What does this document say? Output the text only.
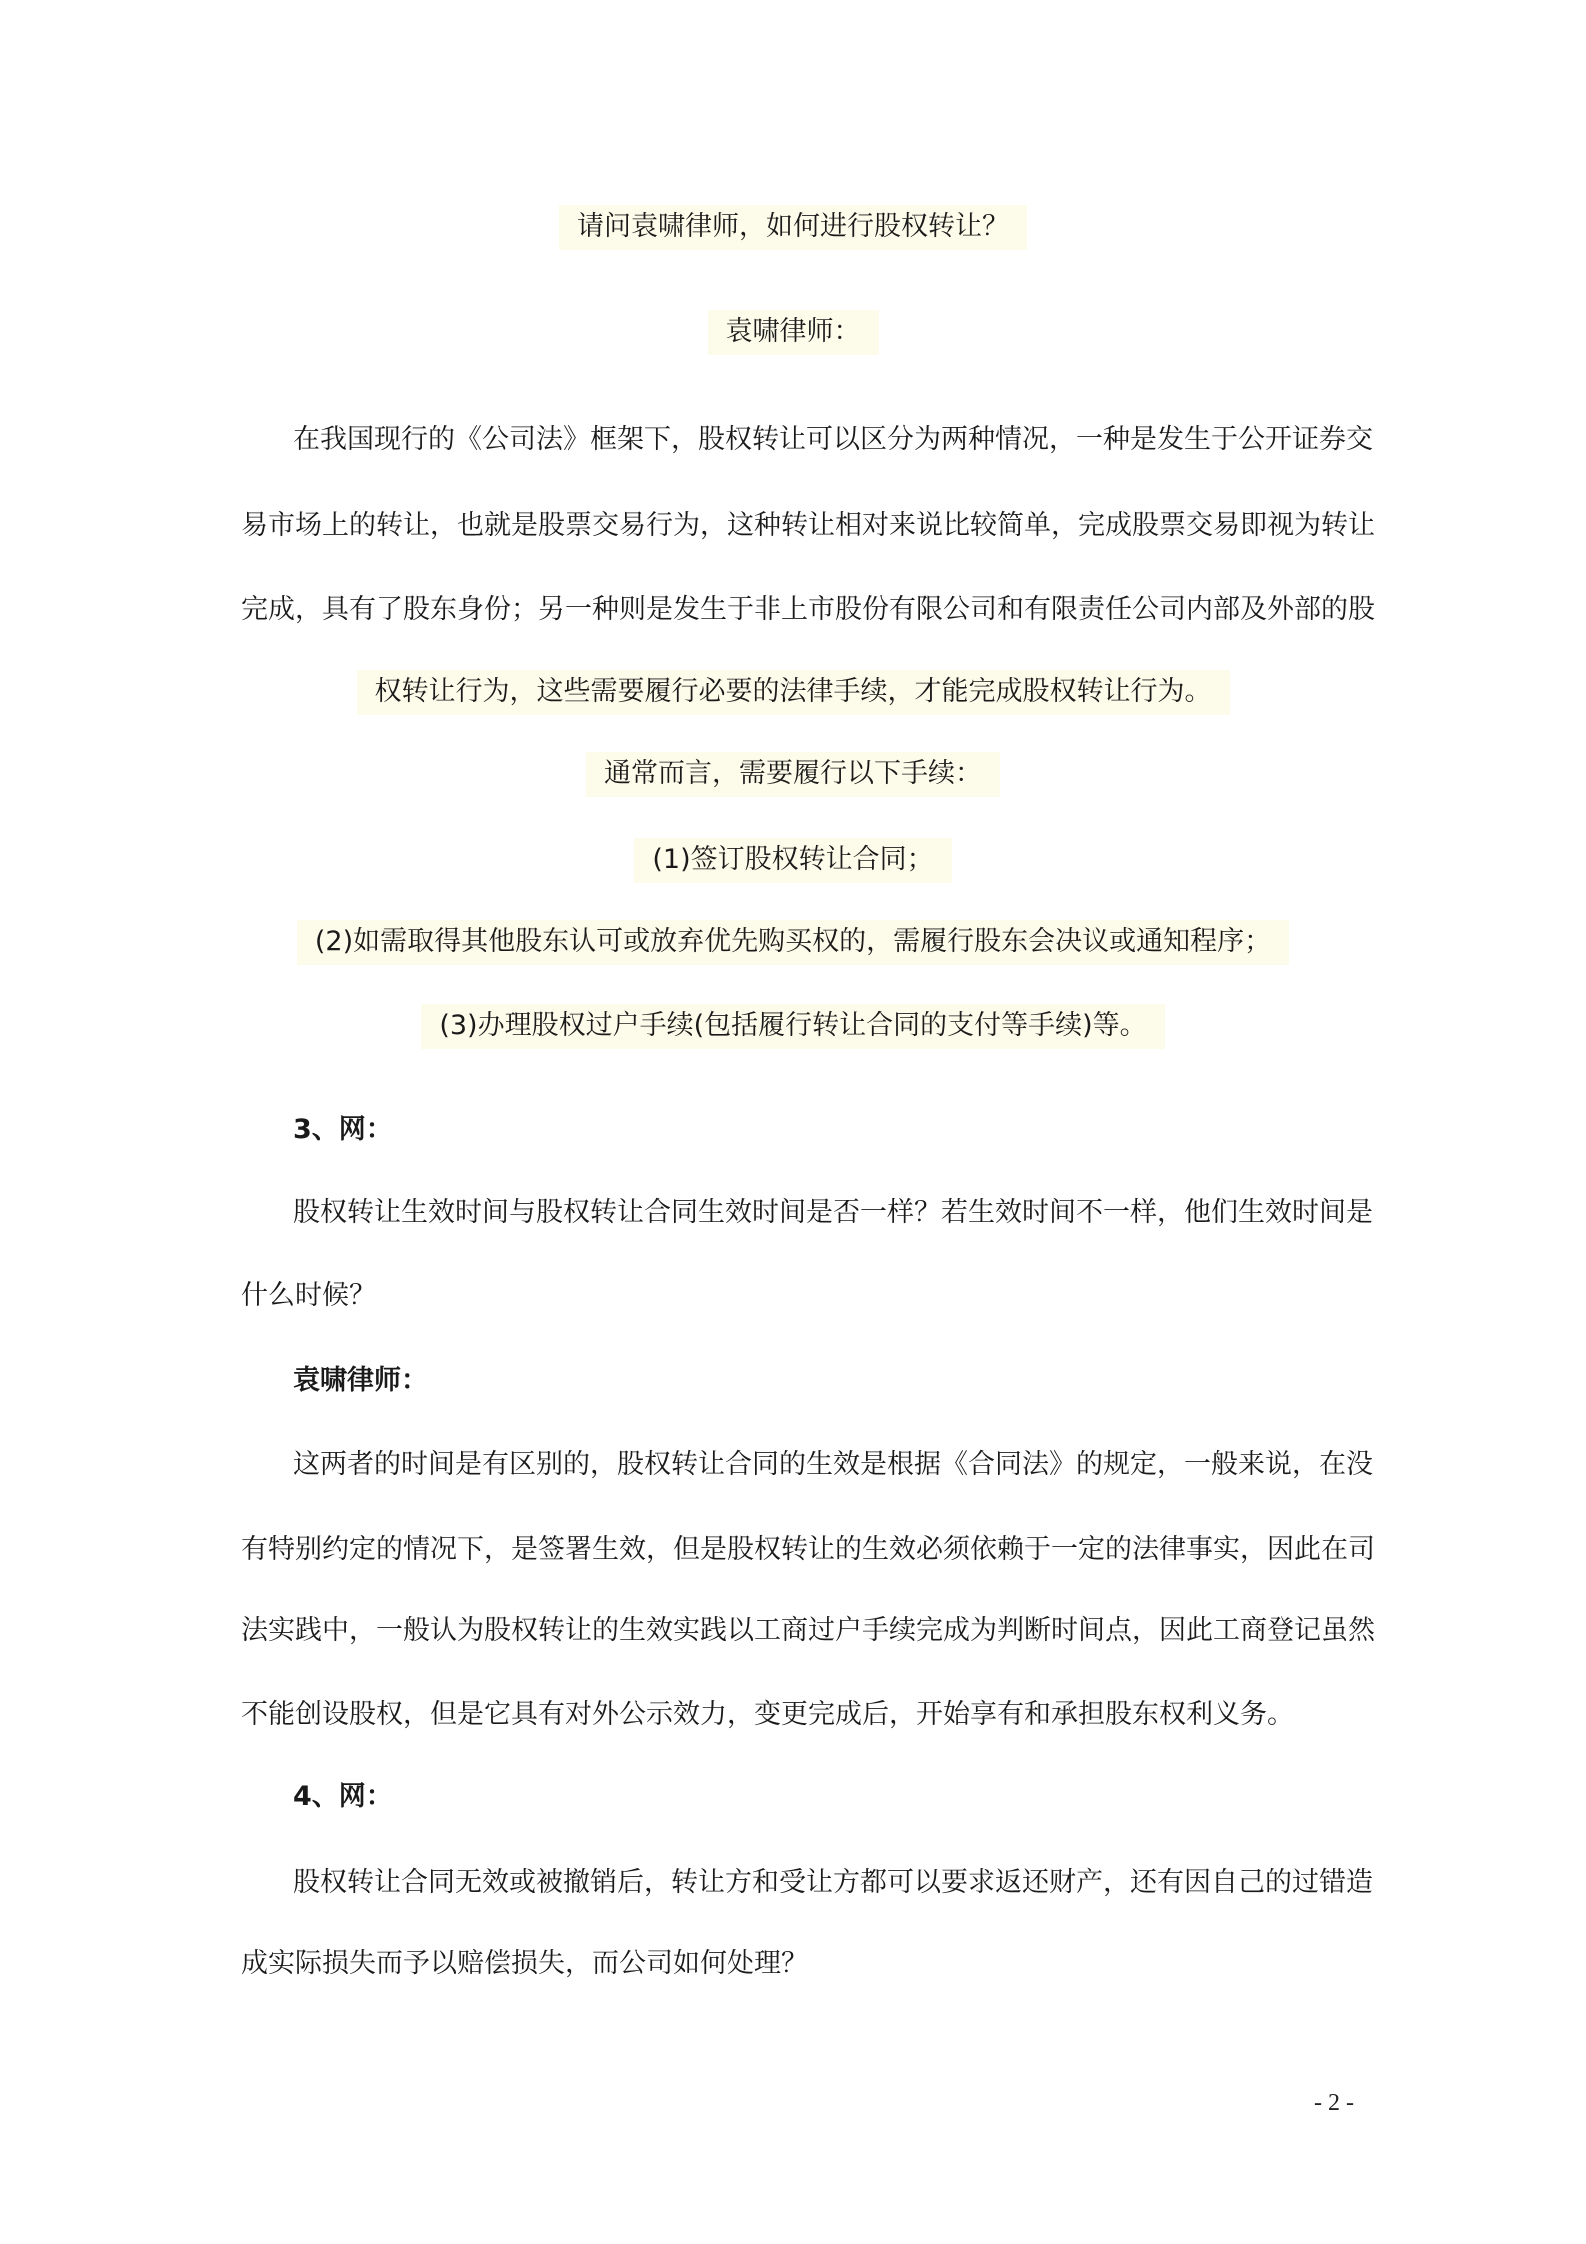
请问袁啸律师，如何进行股权转让？
袁啸律师：
在我国现行的《公司法》框架下，股权转让可以区分为两种情况，一种是发生于公开证券交
易市场上的转让，也就是股票交易行为，这种转让相对来说比较简单，完成股票交易即视为转让
完成，具有了股东身份；另一种则是发生于非上市股份有限公司和有限责任公司内部及外部的股
权转让行为，这些需要履行必要的法律手续，才能完成股权转让行为。
通常而言，需要履行以下手续：
(1)签订股权转让合同；
(2)如需取得其他股东认可或放弃优先购买权的，需履行股东会决议或通知程序；
(3)办理股权过户手续(包括履行转让合同的支付等手续)等。
3、网：
股权转让生效时间与股权转让合同生效时间是否一样？若生效时间不一样，他们生效时间是
什么时候？
袁啸律师：
这两者的时间是有区别的，股权转让合同的生效是根据《合同法》的规定，一般来说，在没
有特别约定的情况下，是签署生效，但是股权转让的生效必须依赖于一定的法律事实，因此在司
法实践中，一般认为股权转让的生效实践以工商过户手续完成为判断时间点，因此工商登记虽然
不能创设股权，但是它具有对外公示效力，变更完成后，开始享有和承担股东权利义务。
4、网：
股权转让合同无效或被撤销后，转让方和受让方都可以要求返还财产，还有因自己的过错造
成实际损失而予以赔偿损失，而公司如何处理？
- 2 -
